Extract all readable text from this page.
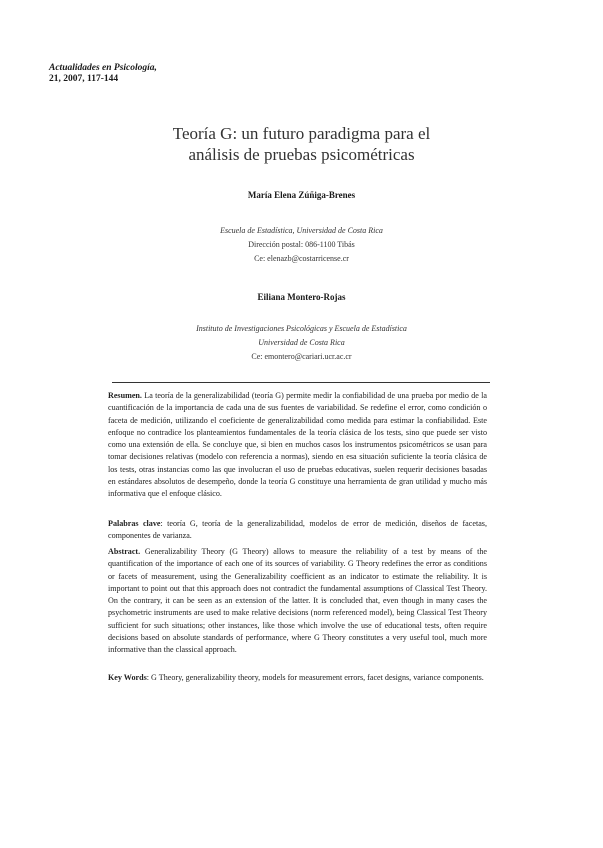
Actualidades en Psicología,
21, 2007, 117-144
Teoría G: un futuro paradigma para el
análisis de pruebas psicométricas
María Elena Zúñiga-Brenes
Escuela de Estadística, Universidad de Costa Rica
Dirección postal: 086-1100 Tibás
Ce: elenazb@costarricense.cr
Eiliana Montero-Rojas
Instituto de Investigaciones Psicológicas y Escuela de Estadística
Universidad de Costa Rica
Ce: emontero@cariari.ucr.ac.cr
Resumen. La teoría de la generalizabilidad (teoría G) permite medir la confiabilidad de una prueba por medio de la cuantificación de la importancia de cada una de sus fuentes de variabilidad. Se redefine el error, como condición o faceta de medición, utilizando el coeficiente de generalizabilidad como medida para estimar la confiabilidad. Este enfoque no contradice los planteamientos fundamentales de la teoría clásica de los tests, sino que puede ser visto como una extensión de ella. Se concluye que, si bien en muchos casos los instrumentos psicométricos se usan para tomar decisiones relativas (modelo con referencia a normas), siendo en esa situación suficiente la teoría clásica de los tests, otras instancias como las que involucran el uso de pruebas educativas, suelen requerir decisiones basadas en estándares absolutos de desempeño, donde la teoría G constituye una herramienta de gran utilidad y mucho más informativa que el enfoque clásico.
Palabras clave: teoría G, teoría de la generalizabilidad, modelos de error de medición, diseños de facetas, componentes de varianza.
Abstract. Generalizability Theory (G Theory) allows to measure the reliability of a test by means of the quantification of the importance of each one of its sources of variability. G Theory redefines the error as conditions or facets of measurement, using the Generalizability coefficient as an indicator to estimate the reliability. It is important to point out that this approach does not contradict the fundamental assumptions of Classical Test Theory. On the contrary, it can be seen as an extension of the latter. It is concluded that, even though in many cases the psychometric instruments are used to make relative decisions (norm referenced model), being Classical Test Theory sufficient for such situations; other instances, like those which involve the use of educational tests, often require decisions based on absolute standards of performance, where G Theory constitutes a very useful tool, much more informative than the classical approach.
Key Words: G Theory, generalizability theory, models for measurement errors, facet designs, variance components.
